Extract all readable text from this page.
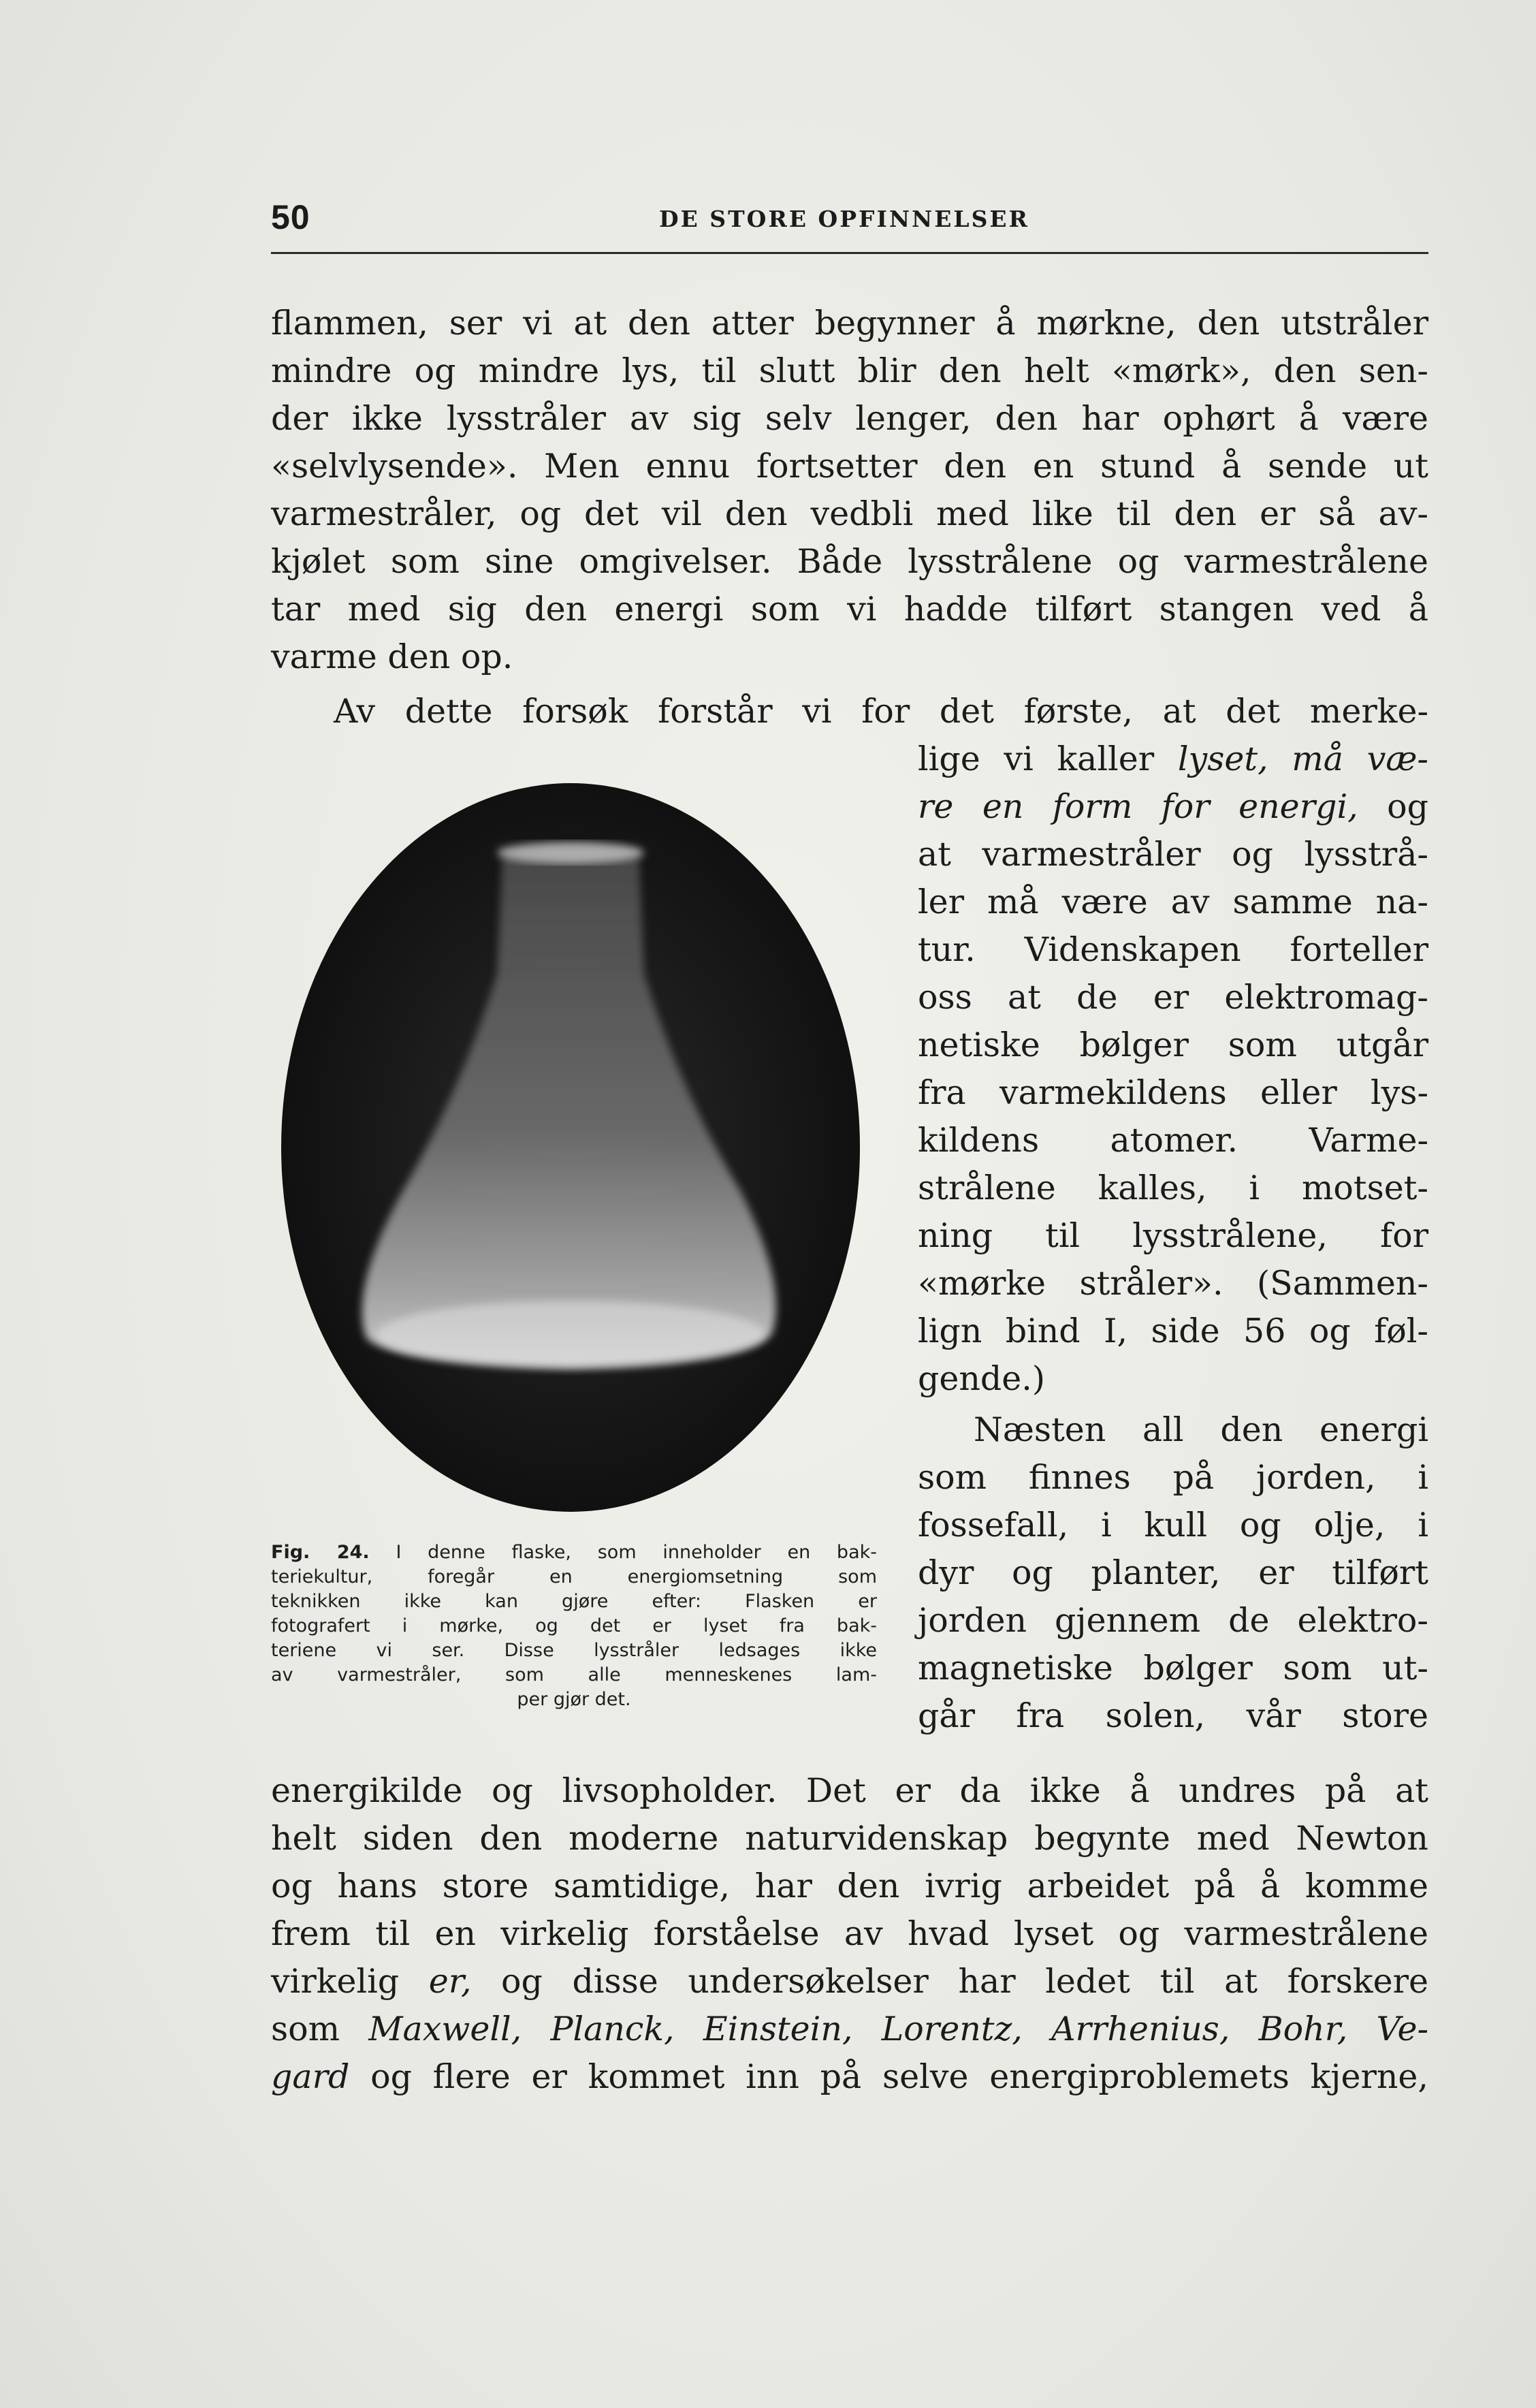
50	DE STORE OPFINNELSER
flammen, ser vi at den atter begynner å mørkne, den utstråler
mindre og mindre lys, til slutt blir den helt «mørk», den sen-
der ikke lysstråler av sig selv lenger, den har ophørt å være
«selvlysende». Men ennu fortsetter den en stund å sende ut
varmestråler, og det vil den vedbli med like til den er så av-
kjølet som sine omgivelser. Både lysstrålene og varmestrålene
tar med sig den energi som vi hadde tilført stangen ved å
varme den op.
Av dette forsøk forstår vi for det første, at det merke-
lige vi kaller lyset, må væ-
re en form for energi, og
at varmestråler og lysstrå-
ler må være av samme na-
tur. Videnskapen forteller
oss at de er elektromag-
netiske bølger som utgår
fra varmekildens eller lys-
kildens atomer. Varme-
strålene kalles, i motset-
ning til lysstrålene, for
«mørke stråler». (Sammen-
lign bind I, side 56 og føl-
gende.)
Næsten all den energi
som finnes på jorden, i
fossefall, i kull og olje, i
dyr og planter, er tilført
jorden gjennem de elektro-
magnetiske bølger som ut-
går fra solen, vår store
Fig. 24. I denne flaske, som inneholder en bak-
teriekultur, foregår en energiomsetning som
teknikken ikke kan gjøre efter: Flasken er
fotografert i mørke, og det er lyset fra bak-
teriene vi ser. Disse lysstråler ledsages ikke
av varmestråler, som alle menneskenes lam-
per gjør det.
energikilde og livsopholder. Det er da ikke å undres på at
helt siden den moderne naturvidenskap begynte med Newton
og hans store samtidige, har den ivrig arbeidet på å komme
frem til en virkelig forståelse av hvad lyset og varmestrålene
virkelig er, og disse undersøkelser har ledet til at forskere
som Maxwell, Planck, Einstein, Lorentz, Arrhenius, Bohr, Ve-
gard og flere er kommet inn på selve energiproblemets kjerne,
